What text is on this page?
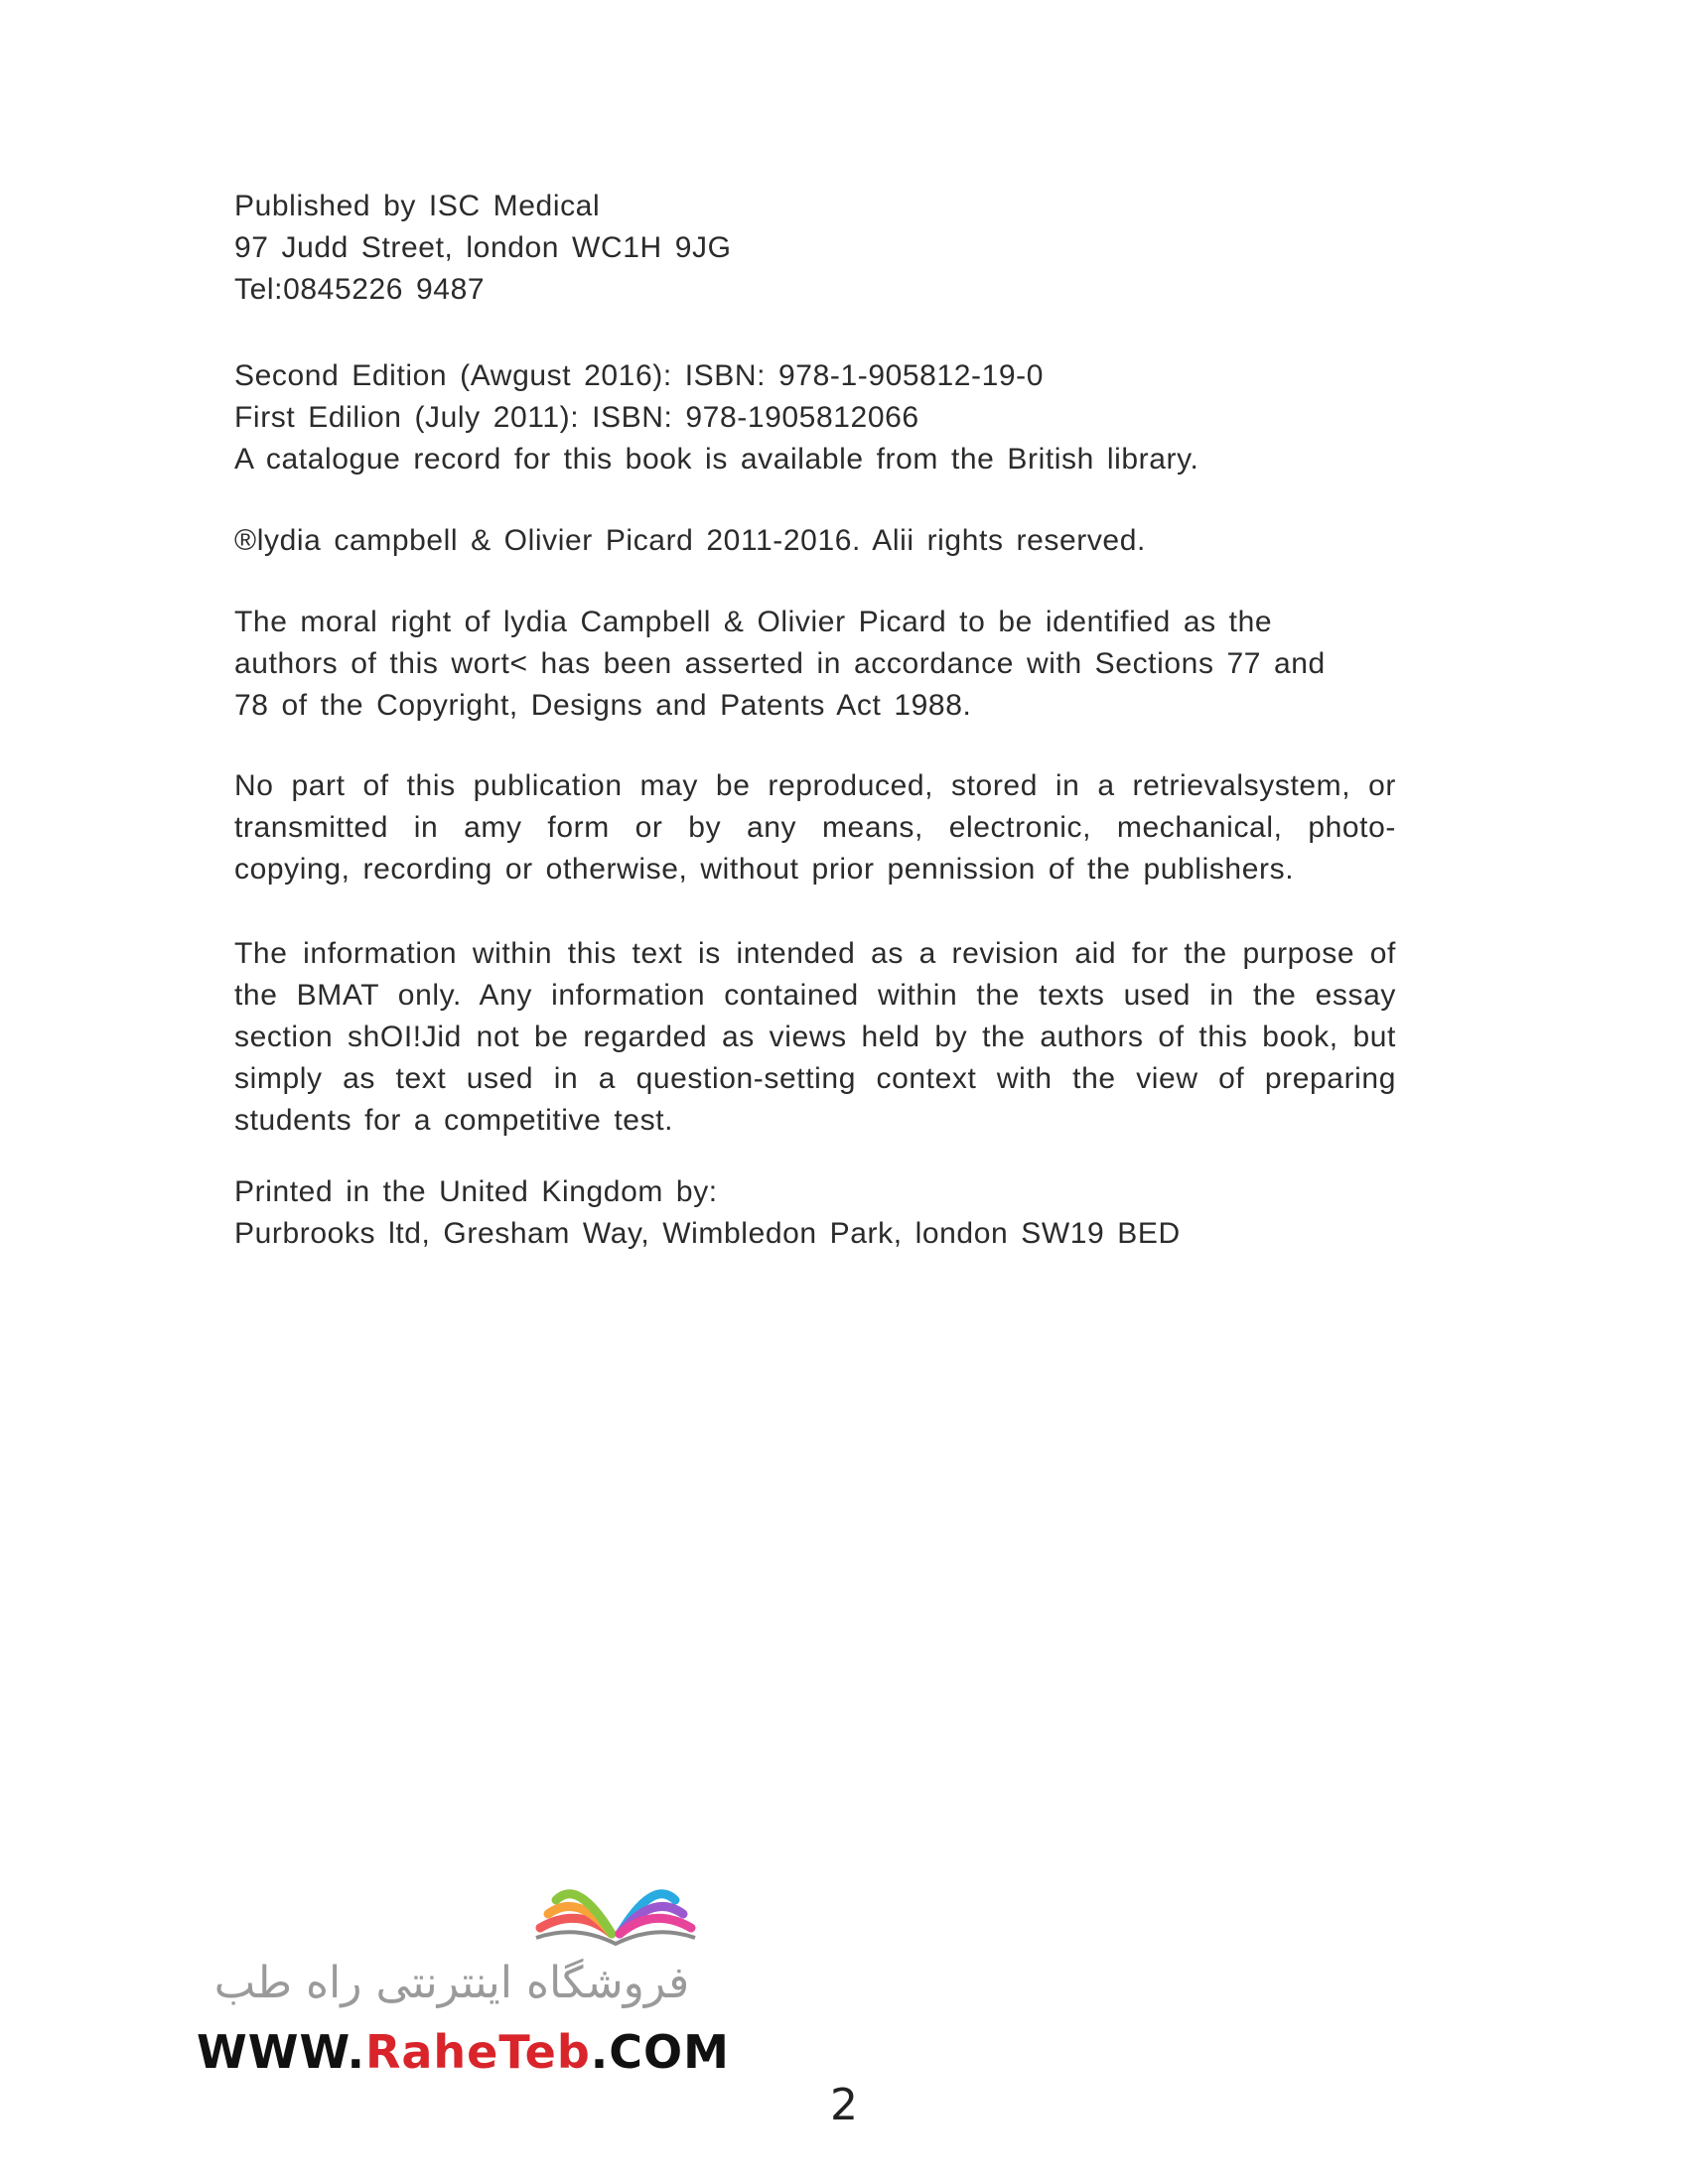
Published by ISC Medical
97 Judd Street, london WC1H 9JG
Tel:0845226 9487
Second Edition (Awgust 2016): ISBN: 978-1-905812-19-0
First Edilion (July 2011): ISBN: 978-1905812066
A catalogue record for this book is available from the British library.
®lydia campbell & Olivier Picard 2011-2016. Alii rights reserved.
The moral right of lydia Campbell & Olivier Picard to be identified as the
authors of this wort< has been asserted in accordance with Sections 77 and
78 of the Copyright, Designs and Patents Act 1988.
No part of this publication may be reproduced, stored in a retrievalsystem, or
transmitted in amy form or by any means, electronic, mechanical, photo-
copying, recording or otherwise, without prior pennission of the publishers.
The information within this text is intended as a revision aid for the purpose of
the BMAT only. Any information contained within the texts used in the essay
section shOI!Jid not be regarded as views held by the authors of this book, but
simply as text used in a question-setting context with the view of preparing
students for a competitive test.
Printed in the United Kingdom by:
Purbrooks ltd, Gresham Way, Wimbledon Park, london SW19 BED
فروشگاه اینترنتی راه طب
WWW.RaheTeb.COM
2
